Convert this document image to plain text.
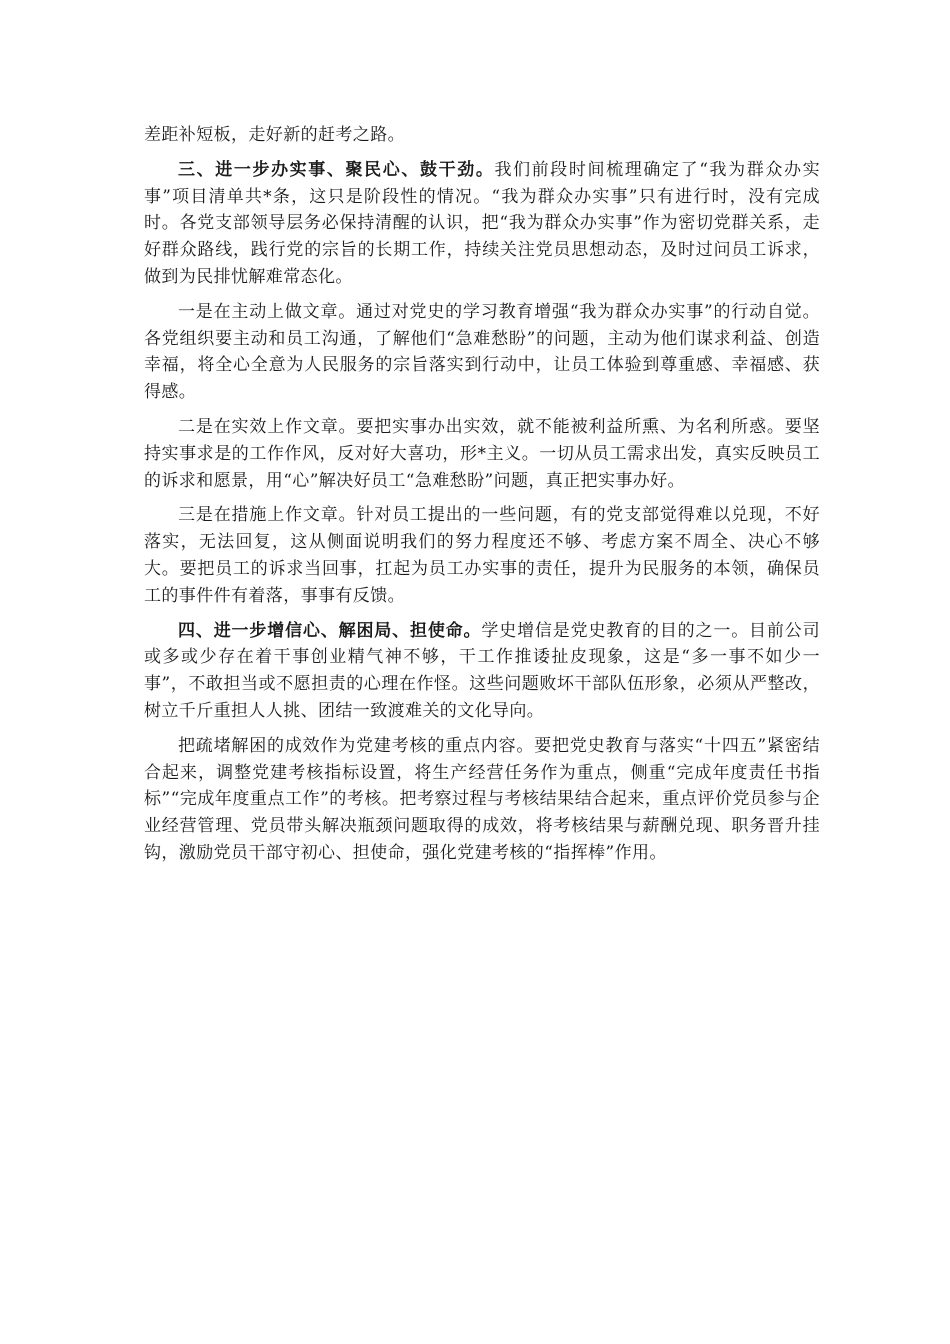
差距补短板，走好新的赶考之路。

三、进一步办实事、聚民心、鼓干劲。我们前段时间梳理确定了“我为群众办实事”项目清单共*条，这只是阶段性的情况。“我为群众办实事”只有进行时，没有完成时。各党支部领导层务必保持清醒的认识，把“我为群众办实事”作为密切党群关系，走好群众路线，践行党的宗旨的长期工作，持续关注党员思想动态，及时过问员工诉求，做到为民排忧解难常态化。

一是在主动上做文章。通过对党史的学习教育增强“我为群众办实事”的行动自觉。各党组织要主动和员工沟通，了解他们“急难愁盼”的问题，主动为他们谋求利益、创造幸福，将全心全意为人民服务的宗旨落实到行动中，让员工体验到尊重感、幸福感、获得感。

二是在实效上作文章。要把实事办出实效，就不能被利益所熏、为名利所惑。要坚持实事求是的工作作风，反对好大喜功，形*主义。一切从员工需求出发，真实反映员工的诉求和愿景，用“心”解决好员工“急难愁盼”问题，真正把实事办好。

三是在措施上作文章。针对员工提出的一些问题，有的党支部觉得难以兑现，不好落实，无法回复，这从侧面说明我们的努力程度还不够、考虑方案不周全、决心不够大。要把员工的诉求当回事，扛起为员工办实事的责任，提升为民服务的本领，确保员工的事件件有着落，事事有反馈。

四、进一步增信心、解困局、担使命。学史增信是党史教育的目的之一。目前公司或多或少存在着干事创业精气神不够，干工作推诿扯皮现象，这是“多一事不如少一事”，不敢担当或不愿担责的心理在作怪。这些问题败坏干部队伍形象，必须从严整改，树立千斤重担人人挑、团结一致渡难关的文化导向。

把疏堵解困的成效作为党建考核的重点内容。要把党史教育与落实“十四五”紧密结合起来，调整党建考核指标设置，将生产经营任务作为重点，侧重“完成年度责任书指标”“完成年度重点工作”的考核。把考察过程与考核结果结合起来，重点评价党员参与企业经营管理、党员带头解决瓶颈问题取得的成效，将考核结果与薪酬兑现、职务晋升挂钩，激励党员干部守初心、担使命，强化党建考核的“指挥棒”作用。
